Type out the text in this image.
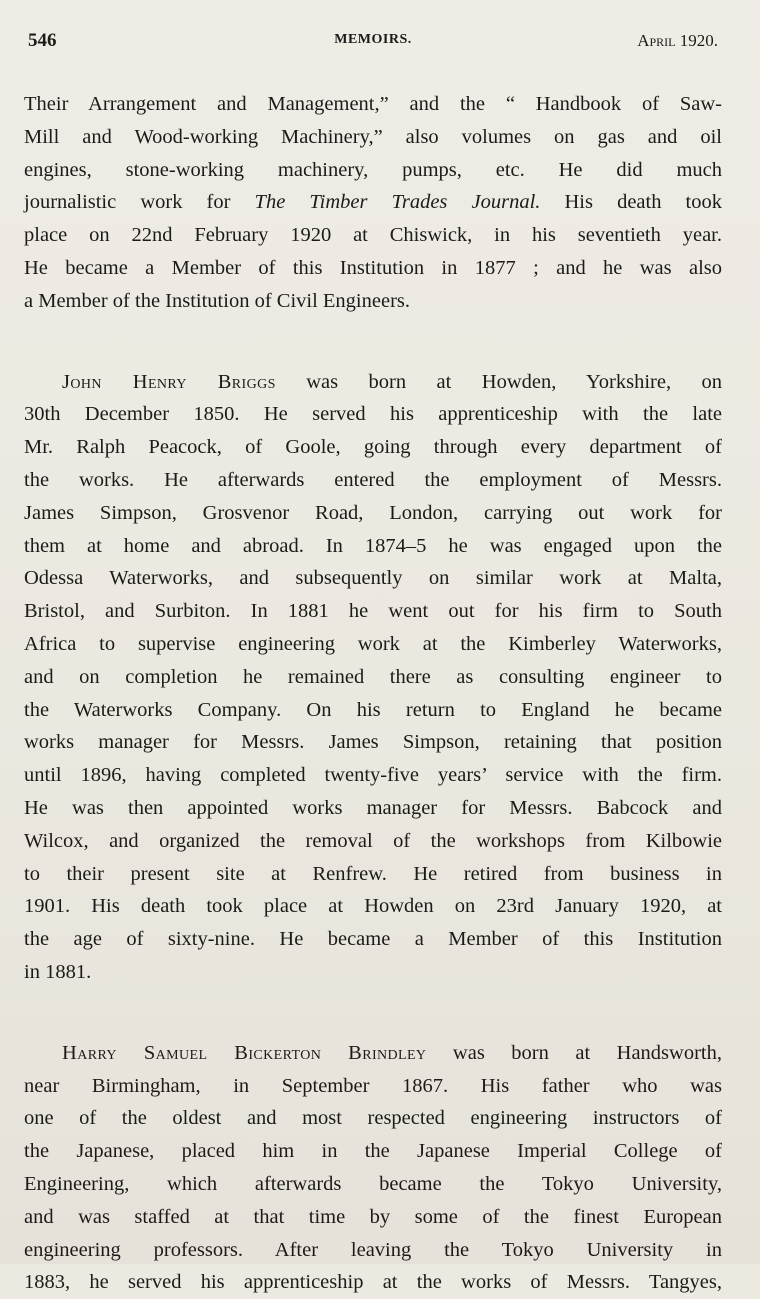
546	MEMOIRS.	April 1920.
Their Arrangement and Management,” and the “ Handbook of Saw-
Mill and Wood-working Machinery,” also volumes on gas and oil
engines, stone-working machinery, pumps, etc. He did much
journalistic work for The Timber Trades Journal. His death took
place on 22nd February 1920 at Chiswick, in his seventieth year.
He became a Member of this Institution in 1877 ; and he was also
a Member of the Institution of Civil Engineers.
John Henry Briggs was born at Howden, Yorkshire, on
30th December 1850. He served his apprenticeship with the late
Mr. Ralph Peacock, of Goole, going through every department of
the works. He afterwards entered the employment of Messrs.
James Simpson, Grosvenor Road, London, carrying out work for
them at home and abroad. In 1874–5 he was engaged upon the
Odessa Waterworks, and subsequently on similar work at Malta,
Bristol, and Surbiton. In 1881 he went out for his firm to South
Africa to supervise engineering work at the Kimberley Waterworks,
and on completion he remained there as consulting engineer to
the Waterworks Company. On his return to England he became
works manager for Messrs. James Simpson, retaining that position
until 1896, having completed twenty-five years’ service with the firm.
He was then appointed works manager for Messrs. Babcock and
Wilcox, and organized the removal of the workshops from Kilbowie
to their present site at Renfrew. He retired from business in
1901. His death took place at Howden on 23rd January 1920, at
the age of sixty-nine. He became a Member of this Institution
in 1881.
Harry Samuel Bickerton Brindley was born at Handsworth,
near Birmingham, in September 1867. His father who was
one of the oldest and most respected engineering instructors of
the Japanese, placed him in the Japanese Imperial College of
Engineering, which afterwards became the Tokyo University,
and was staffed at that time by some of the finest European
engineering professors. After leaving the Tokyo University in
1883, he served his apprenticeship at the works of Messrs. Tangyes,
